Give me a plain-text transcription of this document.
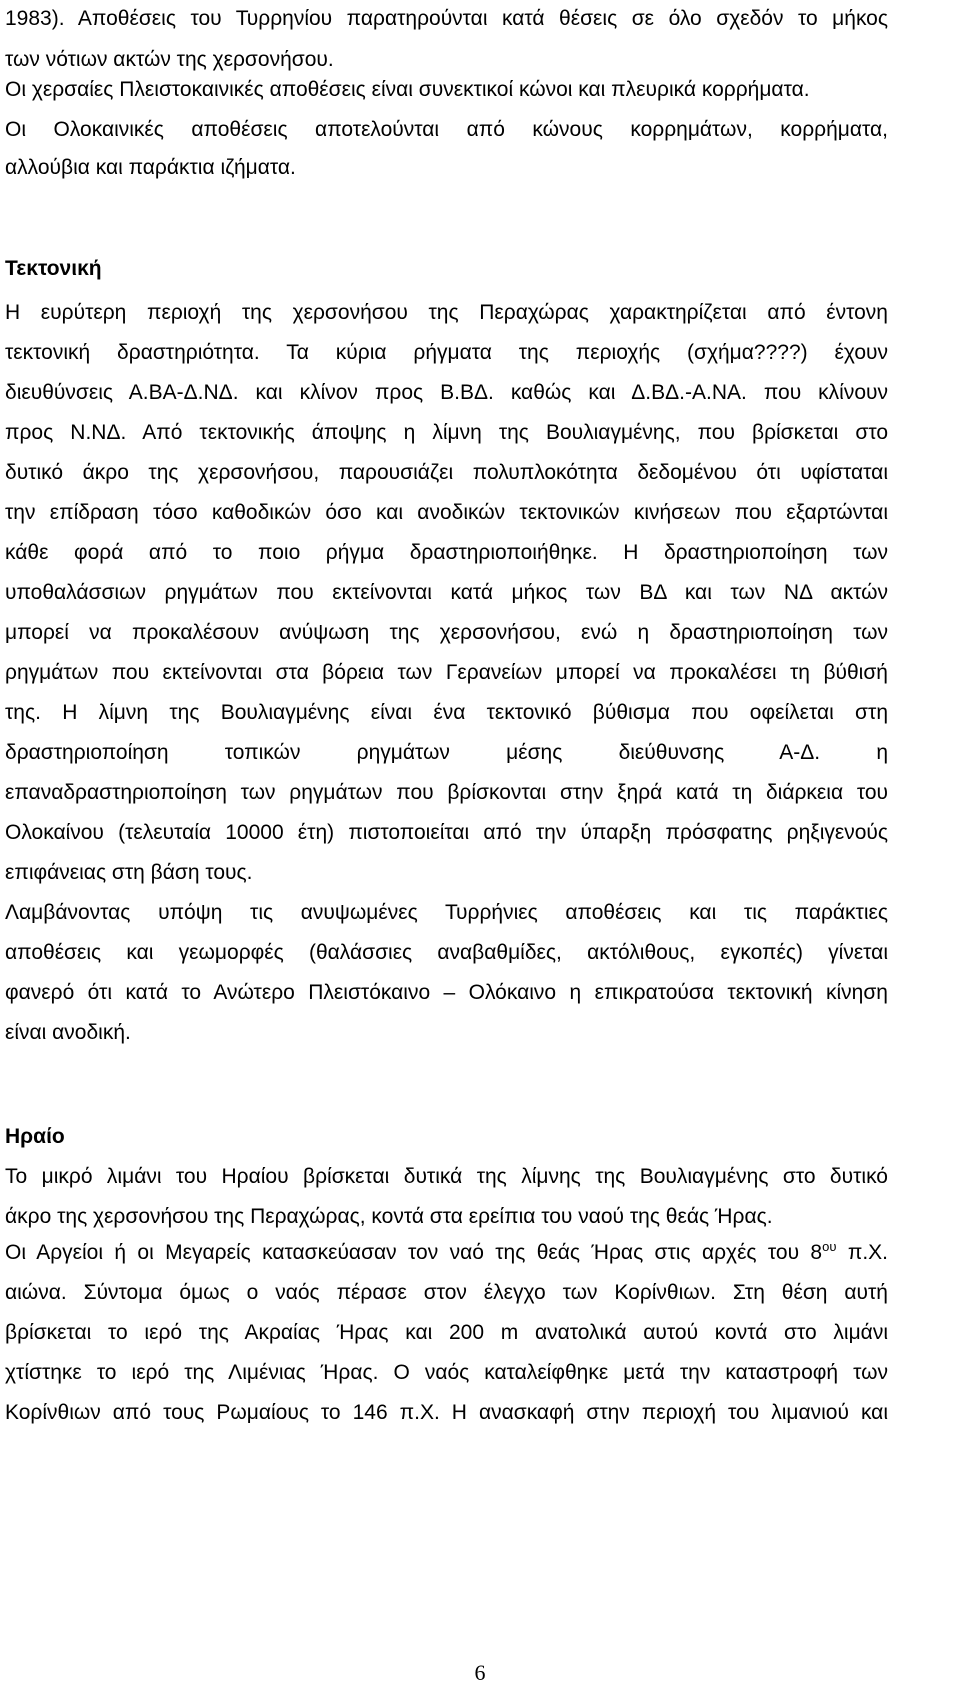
1983). Αποθέσεις του Τυρρηνίου παρατηρούνται κατά θέσεις σε όλο σχεδόν το μήκος
των νότιων ακτών της χερσονήσου.
Οι χερσαίες Πλειστοκαινικές αποθέσεις είναι συνεκτικοί κώνοι και πλευρικά κορρήματα.
Οι Ολοκαινικές αποθέσεις αποτελούνται από κώνους κορρημάτων, κορρήματα,
αλλούβια και παράκτια ιζήματα.
Τεκτονική
Η ευρύτερη περιοχή της χερσονήσου της Περαχώρας χαρακτηρίζεται από έντονη
τεκτονική δραστηριότητα. Τα κύρια ρήγματα της περιοχής (σχήμα????) έχουν
διευθύνσεις Α.ΒΑ-Δ.ΝΔ. και κλίνον προς Β.ΒΔ. καθώς και Δ.ΒΔ.-Α.ΝΑ. που κλίνουν
προς Ν.ΝΔ. Από τεκτονικής άποψης η λίμνη της Βουλιαγμένης, που βρίσκεται στο
δυτικό άκρο της χερσονήσου, παρουσιάζει πολυπλοκότητα δεδομένου ότι υφίσταται
την επίδραση τόσο καθοδικών όσο και ανοδικών τεκτονικών κινήσεων που εξαρτώνται
κάθε φορά από το ποιο ρήγμα δραστηριοποιήθηκε. Η δραστηριοποίηση των
υποθαλάσσιων ρηγμάτων που εκτείνονται κατά μήκος των ΒΔ και των ΝΔ ακτών
μπορεί να προκαλέσουν ανύψωση της χερσονήσου, ενώ η δραστηριοποίηση των
ρηγμάτων που εκτείνονται στα βόρεια των Γερανείων μπορεί να προκαλέσει τη βύθισή
της. Η λίμνη της Βουλιαγμένης είναι ένα τεκτονικό βύθισμα που οφείλεται στη
δραστηριοποίηση τοπικών ρηγμάτων μέσης διεύθυνσης Α-Δ. η
επαναδραστηριοποίηση των ρηγμάτων που βρίσκονται στην ξηρά κατά τη διάρκεια του
Ολοκαίνου (τελευταία 10000 έτη) πιστοποιείται από την ύπαρξη πρόσφατης ρηξιγενούς
επιφάνειας στη βάση τους.
Λαμβάνοντας υπόψη τις ανυψωμένες Τυρρήνιες αποθέσεις και τις παράκτιες
αποθέσεις και γεωμορφές (θαλάσσιες αναβαθμίδες, ακτόλιθους, εγκοπές) γίνεται
φανερό ότι κατά το Ανώτερο Πλειστόκαινο – Ολόκαινο η επικρατούσα τεκτονική κίνηση
είναι ανοδική.
Ηραίο
Το μικρό λιμάνι του Ηραίου βρίσκεται δυτικά της λίμνης της Βουλιαγμένης στο δυτικό
άκρο της χερσονήσου της Περαχώρας, κοντά στα ερείπια του ναού της θεάς Ήρας.
Οι Αργείοι ή οι Μεγαρείς κατασκεύασαν τον ναό της θεάς Ήρας στις αρχές του $8^{o\upsilon}$ π.Χ.
αιώνα. Σύντομα όμως ο ναός πέρασε στον έλεγχο των Κορίνθιων. Στη θέση αυτή
βρίσκεται το ιερό της Ακραίας Ήρας και 200 m ανατολικά αυτού κοντά στο λιμάνι
χτίστηκε το ιερό της Λιμένιας Ήρας. Ο ναός καταλείφθηκε μετά την καταστροφή των
Κορίνθιων από τους Ρωμαίους το 146 π.Χ. Η ανασκαφή στην περιοχή του λιμανιού και
6
